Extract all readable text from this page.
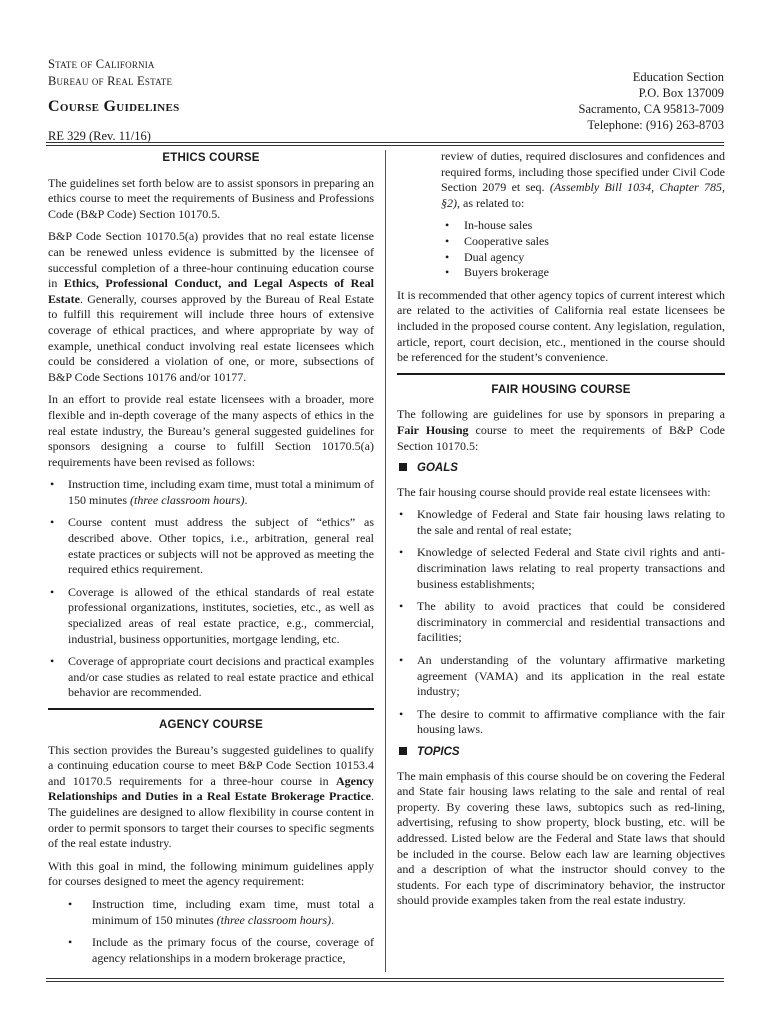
State of California
Bureau of Real Estate
Course Guidelines
RE 329 (Rev. 11/16)
Education Section
P.O. Box 137009
Sacramento, CA 95813-7009
Telephone: (916) 263-8703
ETHICS COURSE

The guidelines set forth below are to assist sponsors in preparing an ethics course to meet the requirements of Business and Professions Code (B&P Code) Section 10170.5.

B&P Code Section 10170.5(a) provides that no real estate license can be renewed unless evidence is submitted by the licensee of successful completion of a three-hour continuing education course in Ethics, Professional Conduct, and Legal Aspects of Real Estate. Generally, courses approved by the Bureau of Real Estate to fulfill this requirement will include three hours of extensive coverage of ethical practices, and where appropriate by way of example, unethical conduct involving real estate licensees which could be considered a violation of one, or more, subsections of B&P Code Sections 10176 and/or 10177.

In an effort to provide real estate licensees with a broader, more flexible and in-depth coverage of the many aspects of ethics in the real estate industry, the Bureau’s general suggested guidelines for sponsors designing a course to fulfill Section 10170.5(a) requirements have been revised as follows:

• Instruction time, including exam time, must total a minimum of 150 minutes (three classroom hours).
• Course content must address the subject of “ethics” as described above. Other topics, i.e., arbitration, general real estate practices or subjects will not be approved as meeting the required ethics requirement.
• Coverage is allowed of the ethical standards of real estate professional organizations, institutes, societies, etc., as well as specialized areas of real estate practice, e.g., commercial, industrial, business opportunities, mortgage lending, etc.
• Coverage of appropriate court decisions and practical examples and/or case studies as related to real estate practice and ethical behavior are recommended.
AGENCY COURSE

This section provides the Bureau’s suggested guidelines to qualify a continuing education course to meet B&P Code Section 10153.4 and 10170.5 requirements for a three-hour course in Agency Relationships and Duties in a Real Estate Brokerage Practice. The guidelines are designed to allow flexibility in course content in order to permit sponsors to target their courses to specific segments of the real estate industry.

With this goal in mind, the following minimum guidelines apply for courses designed to meet the agency requirement:

• Instruction time, including exam time, must total a minimum of 150 minutes (three classroom hours).
• Include as the primary focus of the course, coverage of agency relationships in a modern brokerage practice,

review of duties, required disclosures and confidences and required forms, including those specified under Civil Code Section 2079 et seq. (Assembly Bill 1034, Chapter 785, §2), as related to:

• In-house sales
• Cooperative sales
• Dual agency
• Buyers brokerage

It is recommended that other agency topics of current interest which are related to the activities of California real estate licensees be included in the proposed course content. Any legislation, regulation, article, report, court decision, etc., mentioned in the course should be referenced for the student’s convenience.

FAIR HOUSING COURSE

The following are guidelines for use by sponsors in preparing a Fair Housing course to meet the requirements of B&P Code Section 10170.5:

GOALS

The fair housing course should provide real estate licensees with:

• Knowledge of Federal and State fair housing laws relating to the sale and rental of real estate;
• Knowledge of selected Federal and State civil rights and anti-discrimination laws relating to real property transactions and business establishments;
• The ability to avoid practices that could be considered discriminatory in commercial and residential transactions and facilities;
• An understanding of the voluntary affirmative marketing agreement (VAMA) and its application in the real estate industry;
• The desire to commit to affirmative compliance with the fair housing laws.
TOPICS

The main emphasis of this course should be on covering the Federal and State fair housing laws relating to the sale and rental of real property. By covering these laws, subtopics such as red-lining, advertising, refusing to show property, block busting, etc. will be addressed. Listed below are the Federal and State laws that should be included in the course. Below each law are learning objectives and a description of what the instructor should convey to the students. For each type of discriminatory behavior, the instructor should provide examples taken from the real estate industry.
